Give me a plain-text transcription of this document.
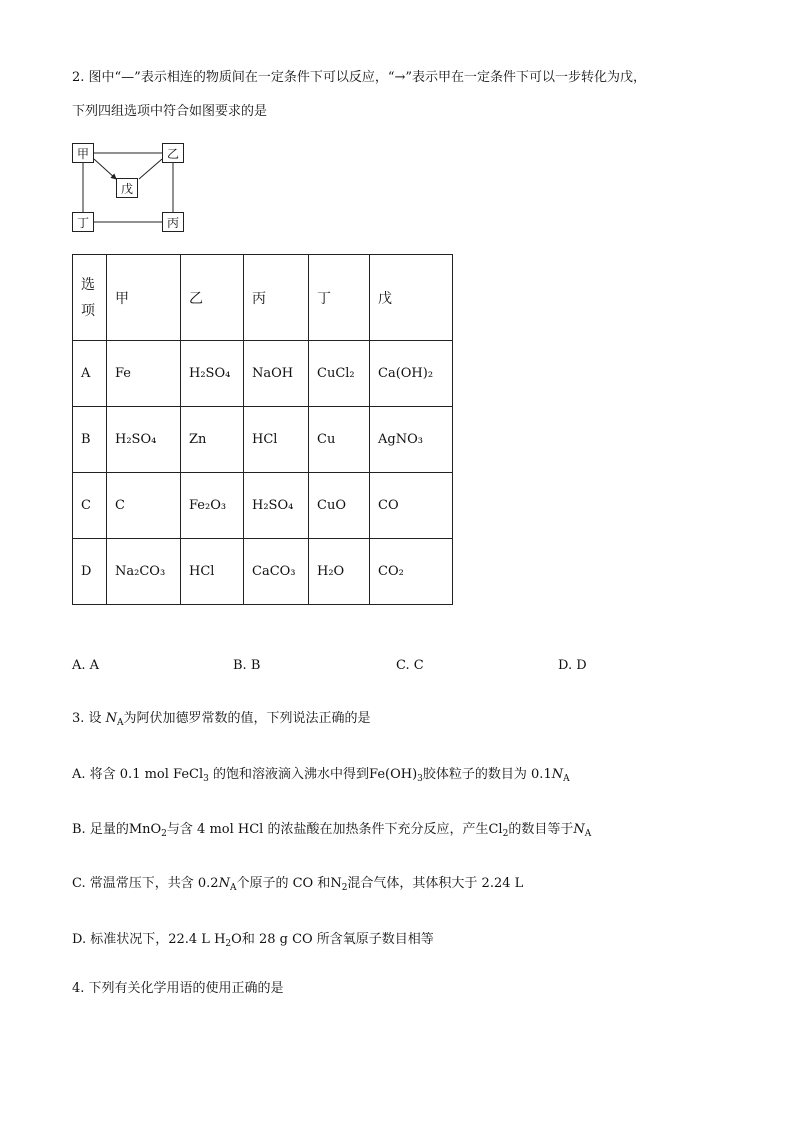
2. 图中“—”表示相连的物质间在一定条件下可以反应，“→”表示甲在一定条件下可以一步转化为戊，
下列四组选项中符合如图要求的是
甲	乙
戊
丁	丙
选
项	甲	乙	丙	丁	戊
A	Fe	H₂SO₄	NaOH	CuCl₂	Ca(OH)₂
B	H₂SO₄	Zn	HCl	Cu	AgNO₃
C	C	Fe₂O₃	H₂SO₄	CuO	CO
D	Na₂CO₃	HCl	CaCO₃	H₂O	CO₂
A. A	B. B	C. C	D. D
3. 设 $N_A$为阿伏加德罗常数的值，下列说法正确的是
A. 将含 0.1 mol FeCl$_3$ 的饱和溶液滴入沸水中得到$Fe(OH)_3$胶体粒子的数目为 $0.1N_A$
B. 足量的MnO$_2$与含 4 mol HCl 的浓盐酸在加热条件下充分反应，产生$Cl_2$的数目等于$N_A$
C. 常温常压下，共含 $0.2N_A$个原子的 CO 和$N_2$混合气体，其体积大于 2.24 L
D. 标准状况下，22.4 L $H_2O$和 28 g CO 所含氧原子数目相等
4. 下列有关化学用语的使用正确的是
